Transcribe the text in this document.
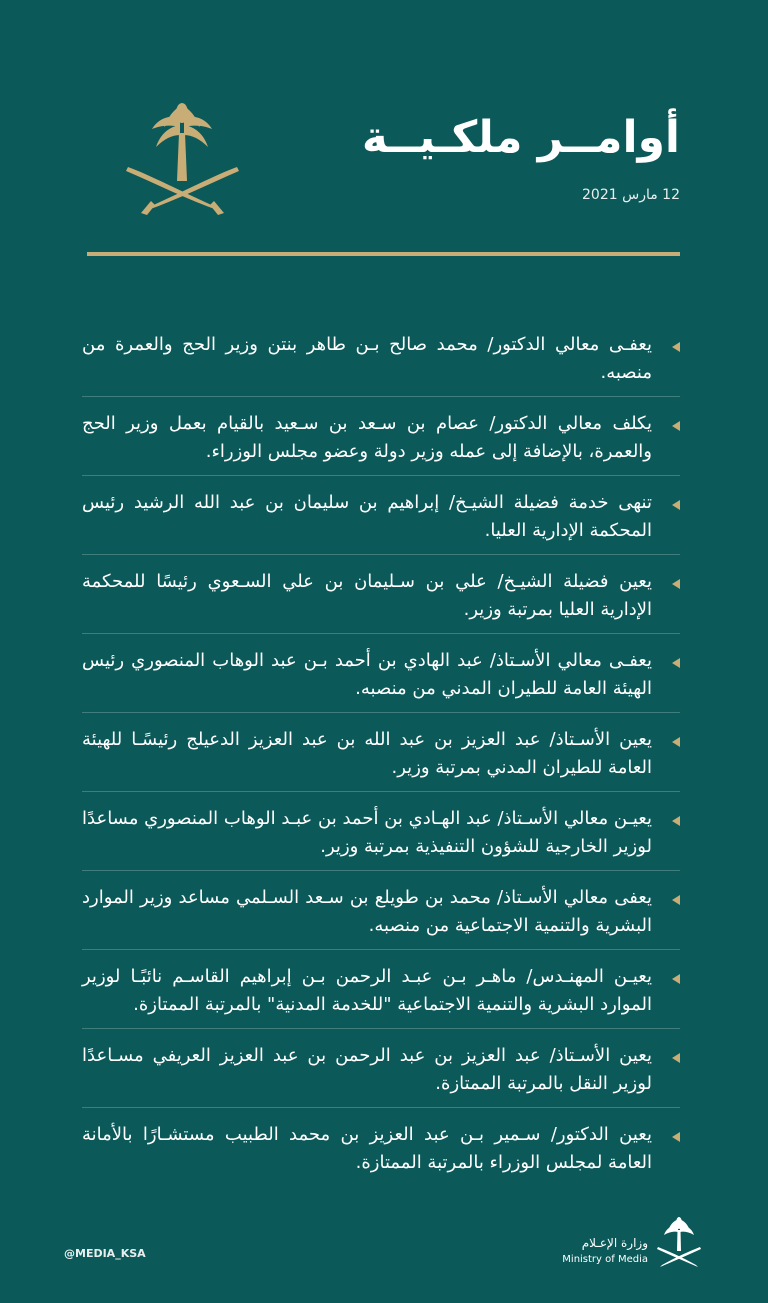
أوامــر ملكـيــة
12 مارس 2021
يعفـى معالي الدكتور/ محمد صالح بـن طاهر بنتن وزير الحج والعمرة من منصبه.
يكلف معالي الدكتور/ عصام بن سـعد بن سـعيد بالقيام بعمل وزير الحج والعمرة، بالإضافة إلى عمله وزير دولة وعضو مجلس الوزراء.
تنهى خدمة فضيلة الشيـخ/ إبراهيم بن سليمان بن عبد الله الرشيد رئيس المحكمة الإدارية العليا.
يعين فضيلة الشيـخ/ علي بن سـليمان بن علي السـعوي رئيسًا للمحكمة الإدارية العليا بمرتبة وزير.
يعفـى معالي الأسـتاذ/ عبد الهادي بن أحمد بـن عبد الوهاب المنصوري رئيس الهيئة العامة للطيران المدني من منصبه.
يعين الأسـتاذ/ عبد العزيز بن عبد الله بن عبد العزيز الدعيلج رئيسًـا للهيئة العامة للطيران المدني بمرتبة وزير.
يعيـن معالي الأسـتاذ/ عبد الهـادي بن أحمد بن عبـد الوهاب المنصوري مساعدًا لوزير الخارجية للشؤون التنفيذية بمرتبة وزير.
يعفى معالي الأسـتاذ/ محمد بن طويلع بن سـعد السـلمي مساعد وزير الموارد البشرية والتنمية الاجتماعية من منصبه.
يعيـن المهنـدس/ ماهـر بـن عبـد الرحمن بـن إبراهيم القاسـم نائبًـا لوزير الموارد البشرية والتنمية الاجتماعية "للخدمة المدنية" بالمرتبة الممتازة.
يعين الأسـتاذ/ عبد العزيز بن عبد الرحمن بن عبد العزيز العريفي مسـاعدًا لوزير النقل بالمرتبة الممتازة.
يعين الدكتور/ سـمير بـن عبد العزيز بن محمد الطبيب مستشـارًا بالأمانة العامة لمجلس الوزراء بالمرتبة الممتازة.
@MEDIA_KSA
وزارة الإعـلام
Ministry of Media
